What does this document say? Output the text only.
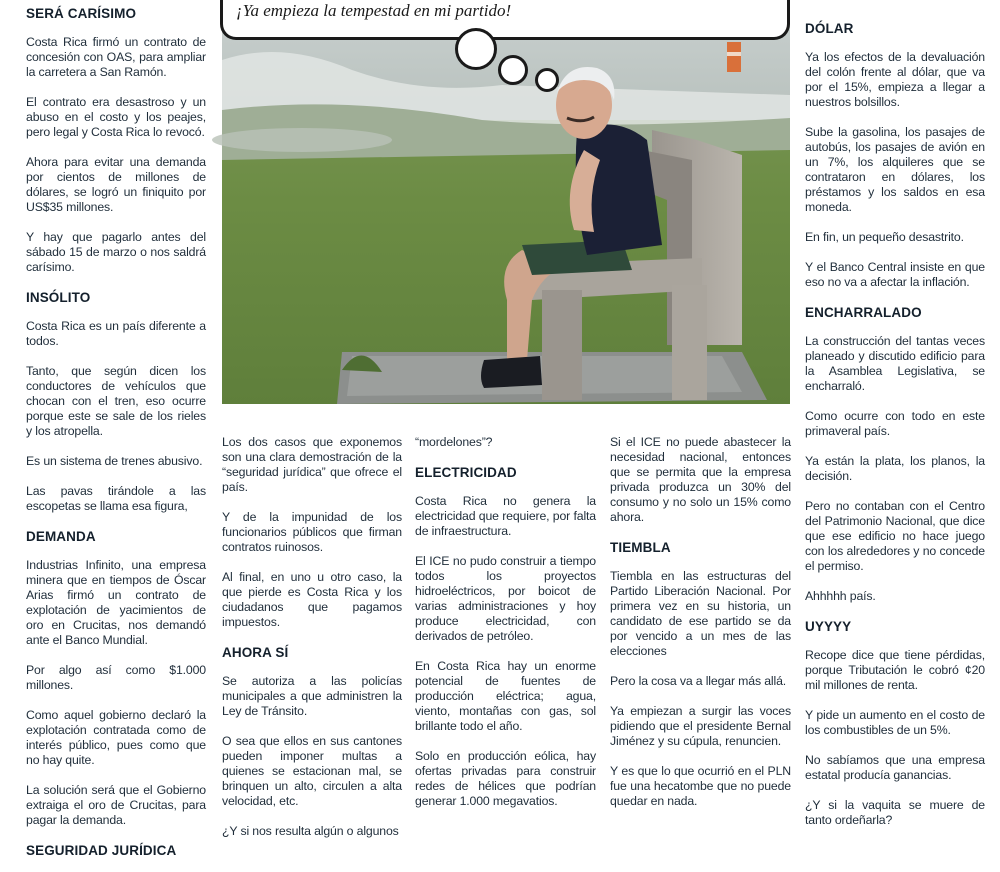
¡Ya empieza la tempestad en mi partido!
SERÁ CARÍSIMO

Costa Rica firmó un contrato de concesión con OAS, para ampliar la carretera a San Ramón.

El contrato era desastroso y un abuso en el costo y los peajes, pero legal y Costa Rica lo revocó.

Ahora para evitar una demanda por cientos de millones de dólares, se logró un finiquito por US$35 millones.

Y hay que pagarlo antes del sábado 15 de marzo o nos saldrá carísimo.

INSÓLITO

Costa Rica es un país diferente a todos.

Tanto, que según dicen los conductores de vehículos que chocan con el tren, eso ocurre porque este se sale de los rieles y los atropella.

Es un sistema de trenes abusivo.

Las pavas tirándole a las escopetas se llama esa figura,

DEMANDA

Industrias Infinito, una empresa minera que en tiempos de Óscar Arias firmó un contrato de explotación de yacimientos de oro en Crucitas, nos demandó ante el Banco Mundial.

Por algo así como $1.000 millones.

Como aquel gobierno declaró la explotación contratada como de interés público, pues como que no hay quite.

La solución será que el Gobierno extraiga el oro de Crucitas, para pagar la demanda.

SEGURIDAD JURÍDICA

Los dos casos que exponemos son una clara demostración de la “seguridad jurídica” que ofrece el país.

Y de la impunidad de los funcionarios públicos que firman contratos ruinosos.

Al final, en uno u otro caso, la que pierde es Costa Rica y los ciudadanos que pagamos impuestos.

AHORA SÍ

Se autoriza a las policías municipales a que administren la Ley de Tránsito.

O sea que ellos en sus cantones pueden imponer multas a quienes se estacionan mal, se brinquen un alto, circulen a alta velocidad, etc.

¿Y si nos resulta algún o algunos

“mordelones”?

ELECTRICIDAD

Costa Rica no genera la electricidad que requiere, por falta de infraestructura.

El ICE no pudo construir a tiempo todos los proyectos hidroeléctricos, por boicot de varias administraciones y hoy produce electricidad, con derivados de petróleo.

En Costa Rica hay un enorme potencial de fuentes de producción eléctrica; agua, viento, montañas con gas, sol brillante todo el año.

Solo en producción eólica, hay ofertas privadas para construir redes de hélices que podrían generar 1.000 megavatios.

Si el ICE no puede abastecer la necesidad nacional, entonces que se permita que la empresa privada produzca un 30% del consumo y no solo un 15% como ahora.

TIEMBLA

Tiembla en las estructuras del Partido Liberación Nacional. Por primera vez en su historia, un candidato de ese partido se da por vencido a un mes de las elecciones

Pero la cosa va a llegar más allá.

Ya empiezan a surgir las voces pidiendo que el presidente Bernal Jiménez y su cúpula, renuncien.

Y es que lo que ocurrió en el PLN fue una hecatombe que no puede quedar en nada.

DÓLAR

Ya los efectos de la devaluación del colón frente al dólar, que va por el 15%, empieza a llegar a nuestros bolsillos.

Sube la gasolina, los pasajes de autobús, los pasajes de avión en un 7%, los alquileres que se contrataron en dólares, los préstamos y los saldos en esa moneda.

En fin, un pequeño desastrito.

Y el Banco Central insiste en que eso no va a afectar la inflación.

ENCHARRALADO

La construcción del tantas veces planeado y discutido edificio para la Asamblea Legislativa, se encharraló.

Como ocurre con todo en este primaveral país.

Ya están la plata, los planos, la decisión.

Pero no contaban con el Centro del Patrimonio Nacional, que dice que ese edificio no hace juego con los alrededores y no concede el permiso.

Ahhhhh país.

UYYYY

Recope dice que tiene pérdidas, porque Tributación le cobró ¢20 mil millones de renta.

Y pide un aumento en el costo de los combustibles de un 5%.

No sabíamos que una empresa estatal producía ganancias.

¿Y si la vaquita se muere de tanto ordeñarla?
